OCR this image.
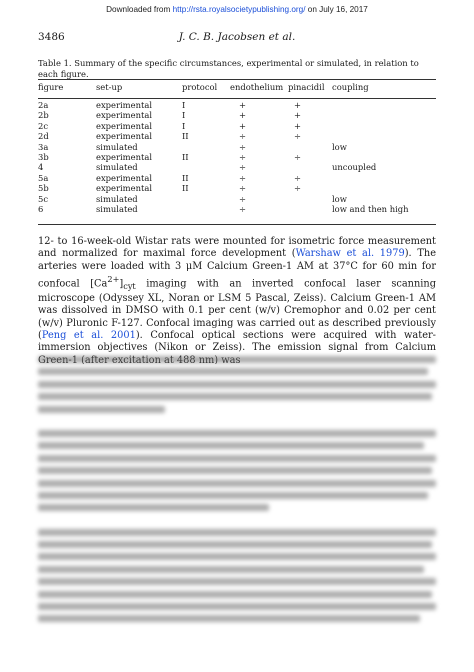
Downloaded from http://rsta.royalsocietypublishing.org/ on July 16, 2017
3486	J. C. B. Jacobsen et al.
Table 1. Summary of the specific circumstances, experimental or simulated, in relation to each figure.
figure	set-up	protocol	endothelium	pinacidil	coupling
2a	experimental	I	+	+	
2b	experimental	I	+	+	
2c	experimental	I	+	+	
2d	experimental	II	÷	÷	
3a	simulated		÷		low
3b	experimental	II	÷	÷	
4	simulated		÷		uncoupled
5a	experimental	II	÷	÷	
5b	experimental	II	÷	÷	
5c	simulated		÷		low
6	simulated		÷		low and then high

12- to 16-week-old Wistar rats were mounted for isometric force measurement and normalized for maximal force development (Warshaw et al. 1979). The arteries were loaded with 3 μM Calcium Green-1 AM at 37°C for 60 min for confocal $[Ca^{2+}]_{cyt}$ imaging with an inverted confocal laser scanning microscope (Odyssey XL, Noran or LSM 5 Pascal, Zeiss). Calcium Green-1 AM was dissolved in DMSO with 0.1 per cent (w/v) Cremophor and 0.02 per cent (w/v) Pluronic F-127. Confocal imaging was carried out as described previously (Peng et al. 2001). Confocal optical sections were acquired with water-immersion objectives (Nikon or Zeiss). The emission signal from Calcium
